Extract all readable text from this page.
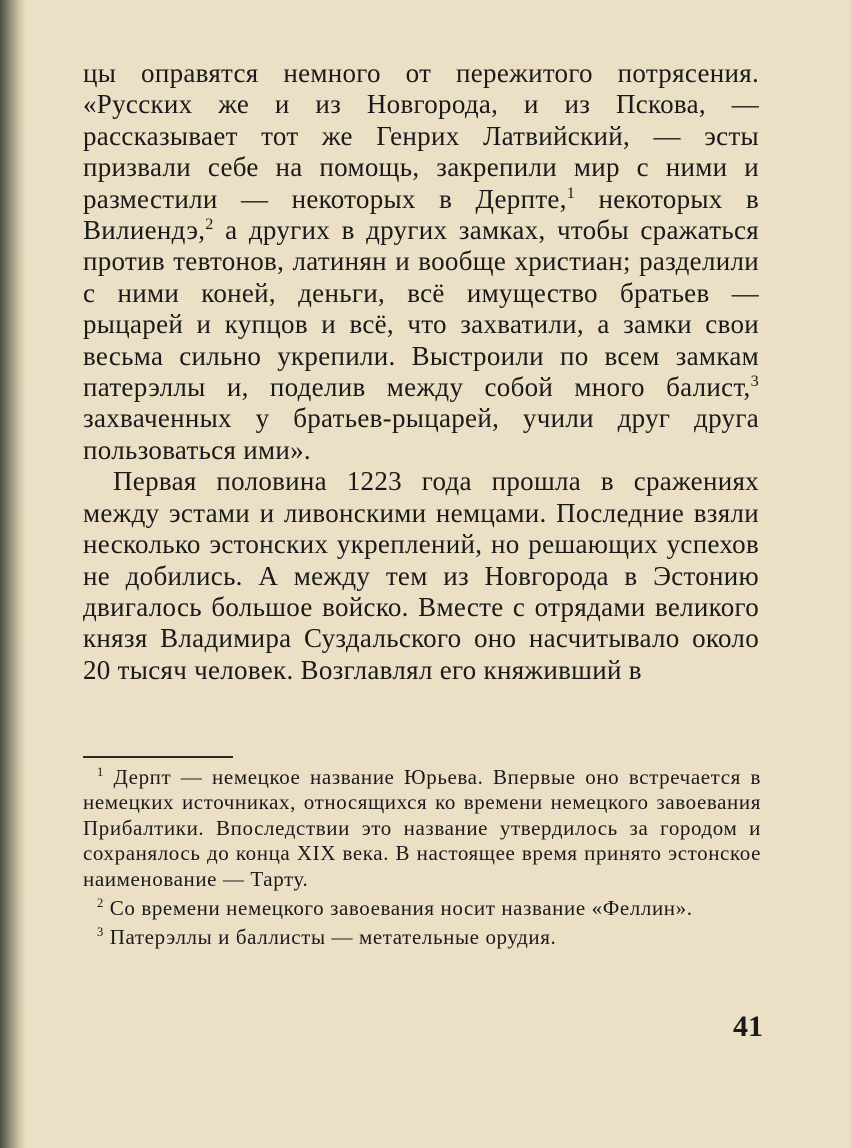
цы оправятся немного от пережитого потрясения. «Русских же и из Новгорода, и из Пскова, — рассказывает тот же Генрих Латвийский, — эсты призвали себе на помощь, закрепили мир с ними и разместили — некоторых в Дерпте,$^1$ некоторых в Вилиендэ,$^2$ а других в других замках, чтобы сражаться против тевтонов, латинян и вообще христиан; разделили с ними коней, деньги, всё имущество братьев — рыцарей и купцов и всё, что захватили, а замки свои весьма сильно укрепили. Выстроили по всем замкам патерэллы и, поделив между собой много балист,$^3$ захваченных у братьев-рыцарей, учили друг друга пользоваться ими».

Первая половина 1223 года прошла в сражениях между эстами и ливонскими немцами. Последние взяли несколько эстонских укреплений, но решающих успехов не добились. А между тем из Новгорода в Эстонию двигалось большое войско. Вместе с отрядами великого князя Владимира Суздальского оно насчитывало около 20 тысяч человек. Возглавлял его княживший в

$^1$ Дерпт — немецкое название Юрьева. Впервые оно встречается в немецких источниках, относящихся ко времени немецкого завоевания Прибалтики. Впоследствии это название утвердилось за городом и сохранялось до конца XIX века. В настоящее время принято эстонское наименование — Тарту.

$^2$ Со времени немецкого завоевания носит название «Феллин».

$^3$ Патерэллы и баллисты — метательные орудия.

41
